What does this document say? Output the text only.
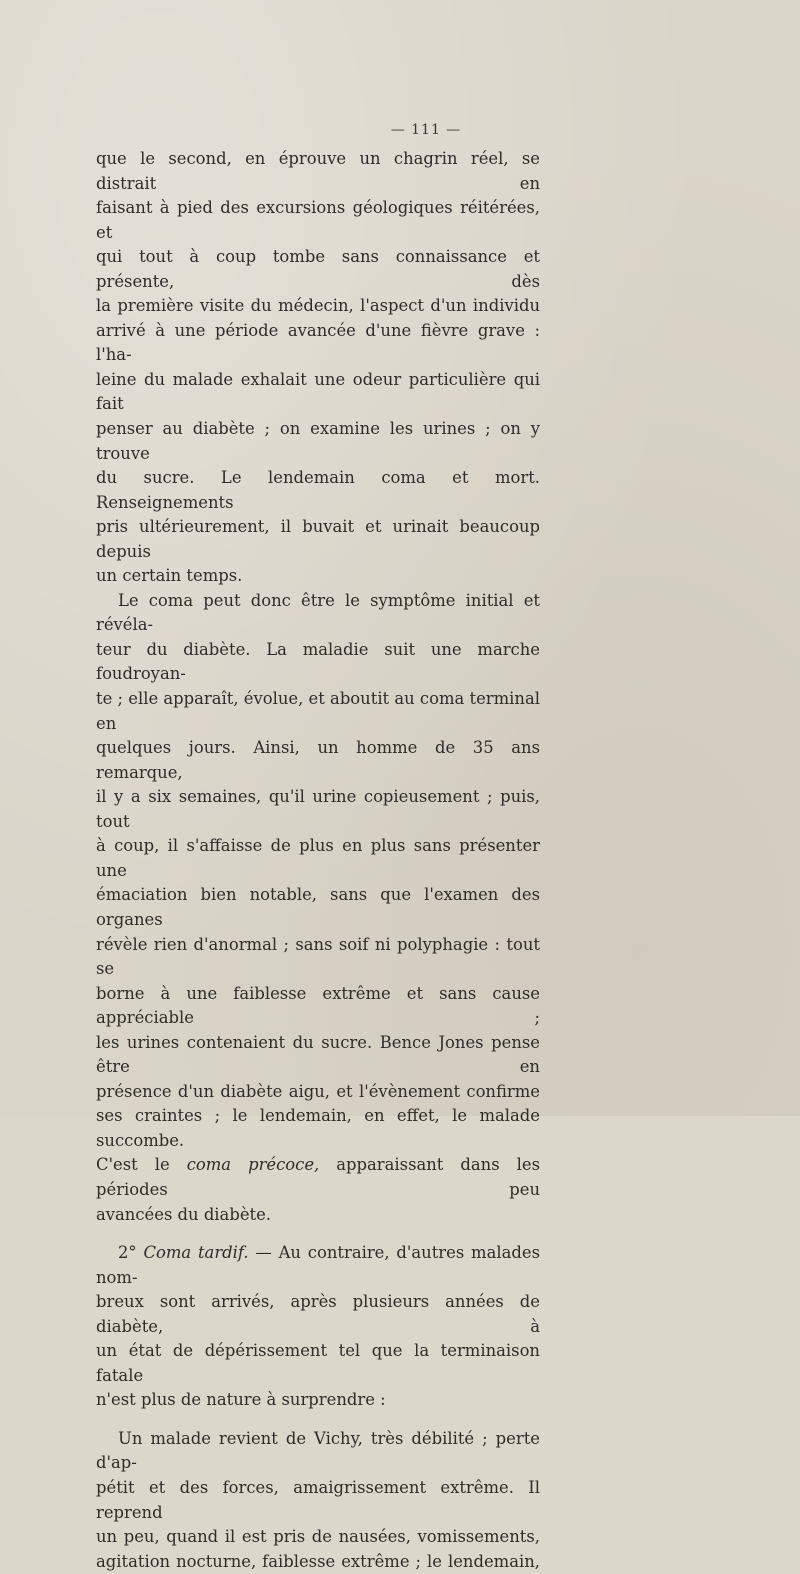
— 111 —

que le second, en éprouve un chagrin réel, se distrait en

faisant à pied des excursions géologiques réitérées, et

qui tout à coup tombe sans connaissance et présente, dès

la première visite du médecin, l'aspect d'un individu

arrivé à une période avancée d'une fièvre grave : l'ha-

leine du malade exhalait une odeur particulière qui fait

penser au diabète ; on examine les urines ; on y trouve

du sucre. Le lendemain coma et mort. Renseignements

pris ultérieurement, il buvait et urinait beaucoup depuis

un certain temps.

Le coma peut donc être le symptôme initial et révéla-

teur du diabète. La maladie suit une marche foudroyan-

te ; elle apparaît, évolue, et aboutit au coma terminal en

quelques jours. Ainsi, un homme de 35 ans remarque,

il y a six semaines, qu'il urine copieusement ; puis, tout

à coup, il s'affaisse de plus en plus sans présenter une

émaciation bien notable, sans que l'examen des organes

révèle rien d'anormal ; sans soif ni polyphagie : tout se

borne à une faiblesse extrême et sans cause appréciable ;

les urines contenaient du sucre. Bence Jones pense être en

présence d'un diabète aigu, et l'évènement confirme

ses craintes ; le lendemain, en effet, le malade succombe.

C'est le coma précoce, apparaissant dans les périodes peu

avancées du diabète.

2° Coma tardif. — Au contraire, d'autres malades nom-

breux sont arrivés, après plusieurs années de diabète, à

un état de dépérissement tel que la terminaison fatale

n'est plus de nature à surprendre :

Un malade revient de Vichy, très débilité ; perte d'ap-

pétit et des forces, amaigrissement extrême. Il reprend

un peu, quand il est pris de nausées, vomissements,

agitation nocturne, faiblesse extrême ; le lendemain,
